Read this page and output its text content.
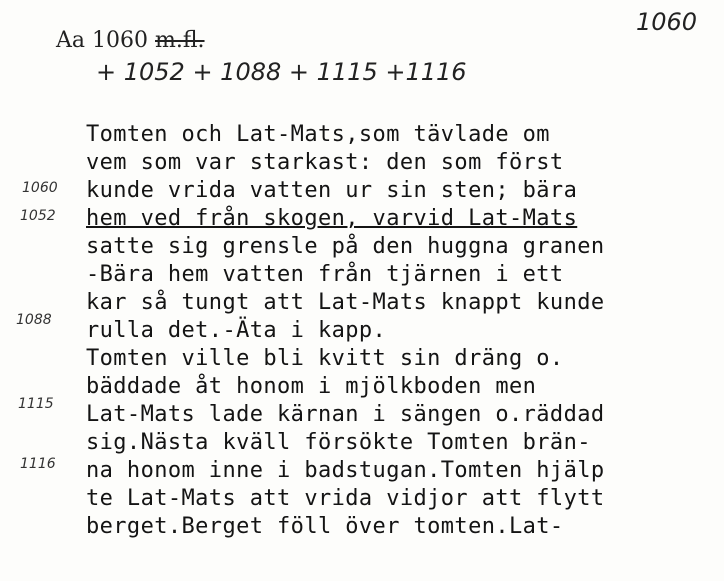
1060
Aa 1060 m.fl.
+ 1052 + 1088 + 1115 +1116
1060
1052
1088
1115
1116
Tomten och Lat-Mats,som tävlade om
vem som var starkast: den som först
kunde vrida vatten ur sin sten; bära
hem ved från skogen, varvid Lat-Mats
satte sig grensle på den huggna granen
-Bära hem vatten från tjärnen i ett
kar så tungt att Lat-Mats knappt kunde
rulla det.-Äta i kapp.
Tomten ville bli kvitt sin dräng o.
bäddade åt honom i mjölkboden men
Lat-Mats lade kärnan i sängen o.räddad
sig.Nästa kväll försökte Tomten brän-
na honom inne i badstugan.Tomten hjälp
te Lat-Mats att vrida vidjor att flytt
berget.Berget föll över tomten.Lat-
